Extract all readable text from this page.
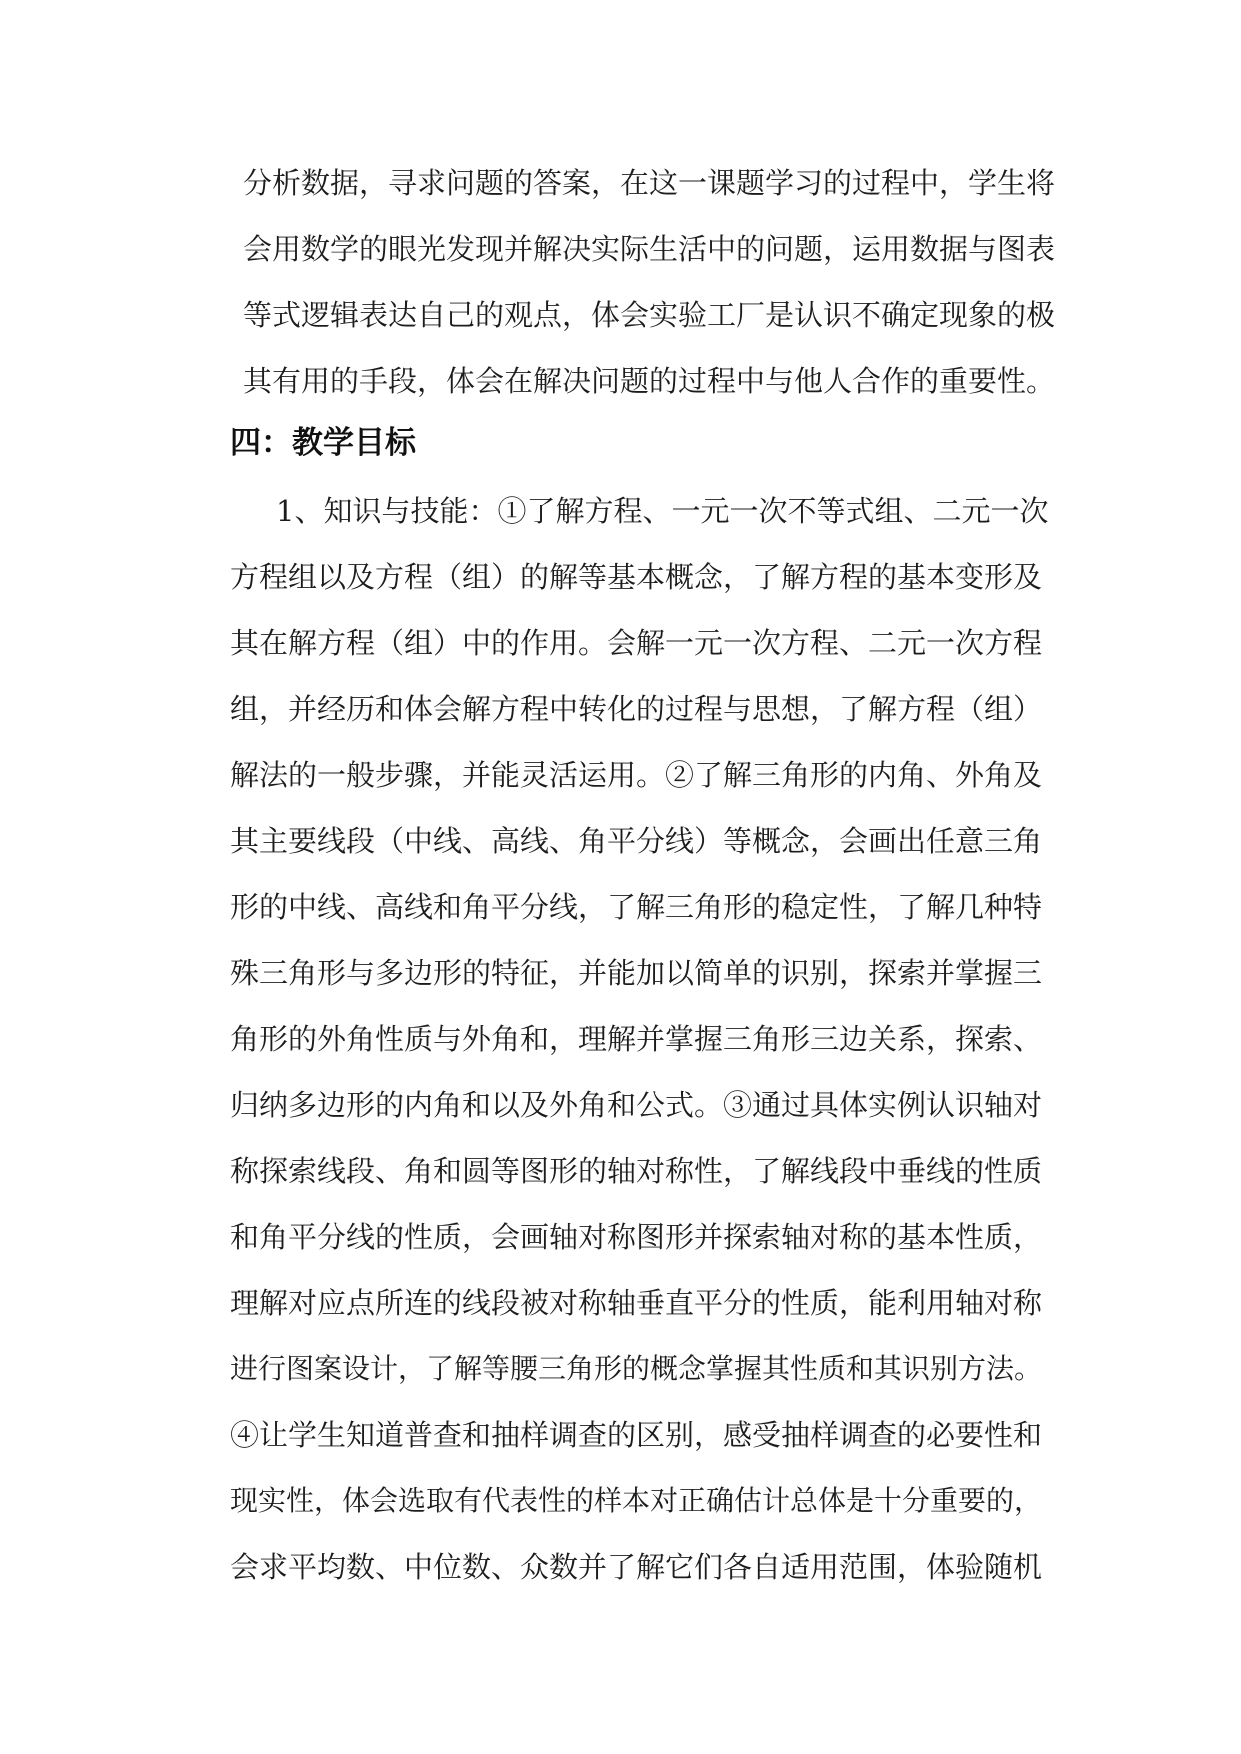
分析数据，寻求问题的答案，在这一课题学习的过程中，学生将
会用数学的眼光发现并解决实际生活中的问题，运用数据与图表
等式逻辑表达自己的观点，体会实验工厂是认识不确定现象的极
其有用的手段，体会在解决问题的过程中与他人合作的重要性。
四：教学目标
1、知识与技能：①了解方程、一元一次不等式组、二元一次
方程组以及方程（组）的解等基本概念，了解方程的基本变形及
其在解方程（组）中的作用。会解一元一次方程、二元一次方程
组，并经历和体会解方程中转化的过程与思想，了解方程（组）
解法的一般步骤，并能灵活运用。②了解三角形的内角、外角及
其主要线段（中线、高线、角平分线）等概念，会画出任意三角
形的中线、高线和角平分线，了解三角形的稳定性，了解几种特
殊三角形与多边形的特征，并能加以简单的识别，探索并掌握三
角形的外角性质与外角和，理解并掌握三角形三边关系，探索、
归纳多边形的内角和以及外角和公式。③通过具体实例认识轴对
称探索线段、角和圆等图形的轴对称性，了解线段中垂线的性质
和角平分线的性质，会画轴对称图形并探索轴对称的基本性质，
理解对应点所连的线段被对称轴垂直平分的性质，能利用轴对称
进行图案设计，了解等腰三角形的概念掌握其性质和其识别方法。
④让学生知道普查和抽样调查的区别，感受抽样调查的必要性和
现实性，体会选取有代表性的样本对正确估计总体是十分重要的，
会求平均数、中位数、众数并了解它们各自适用范围，体验随机
